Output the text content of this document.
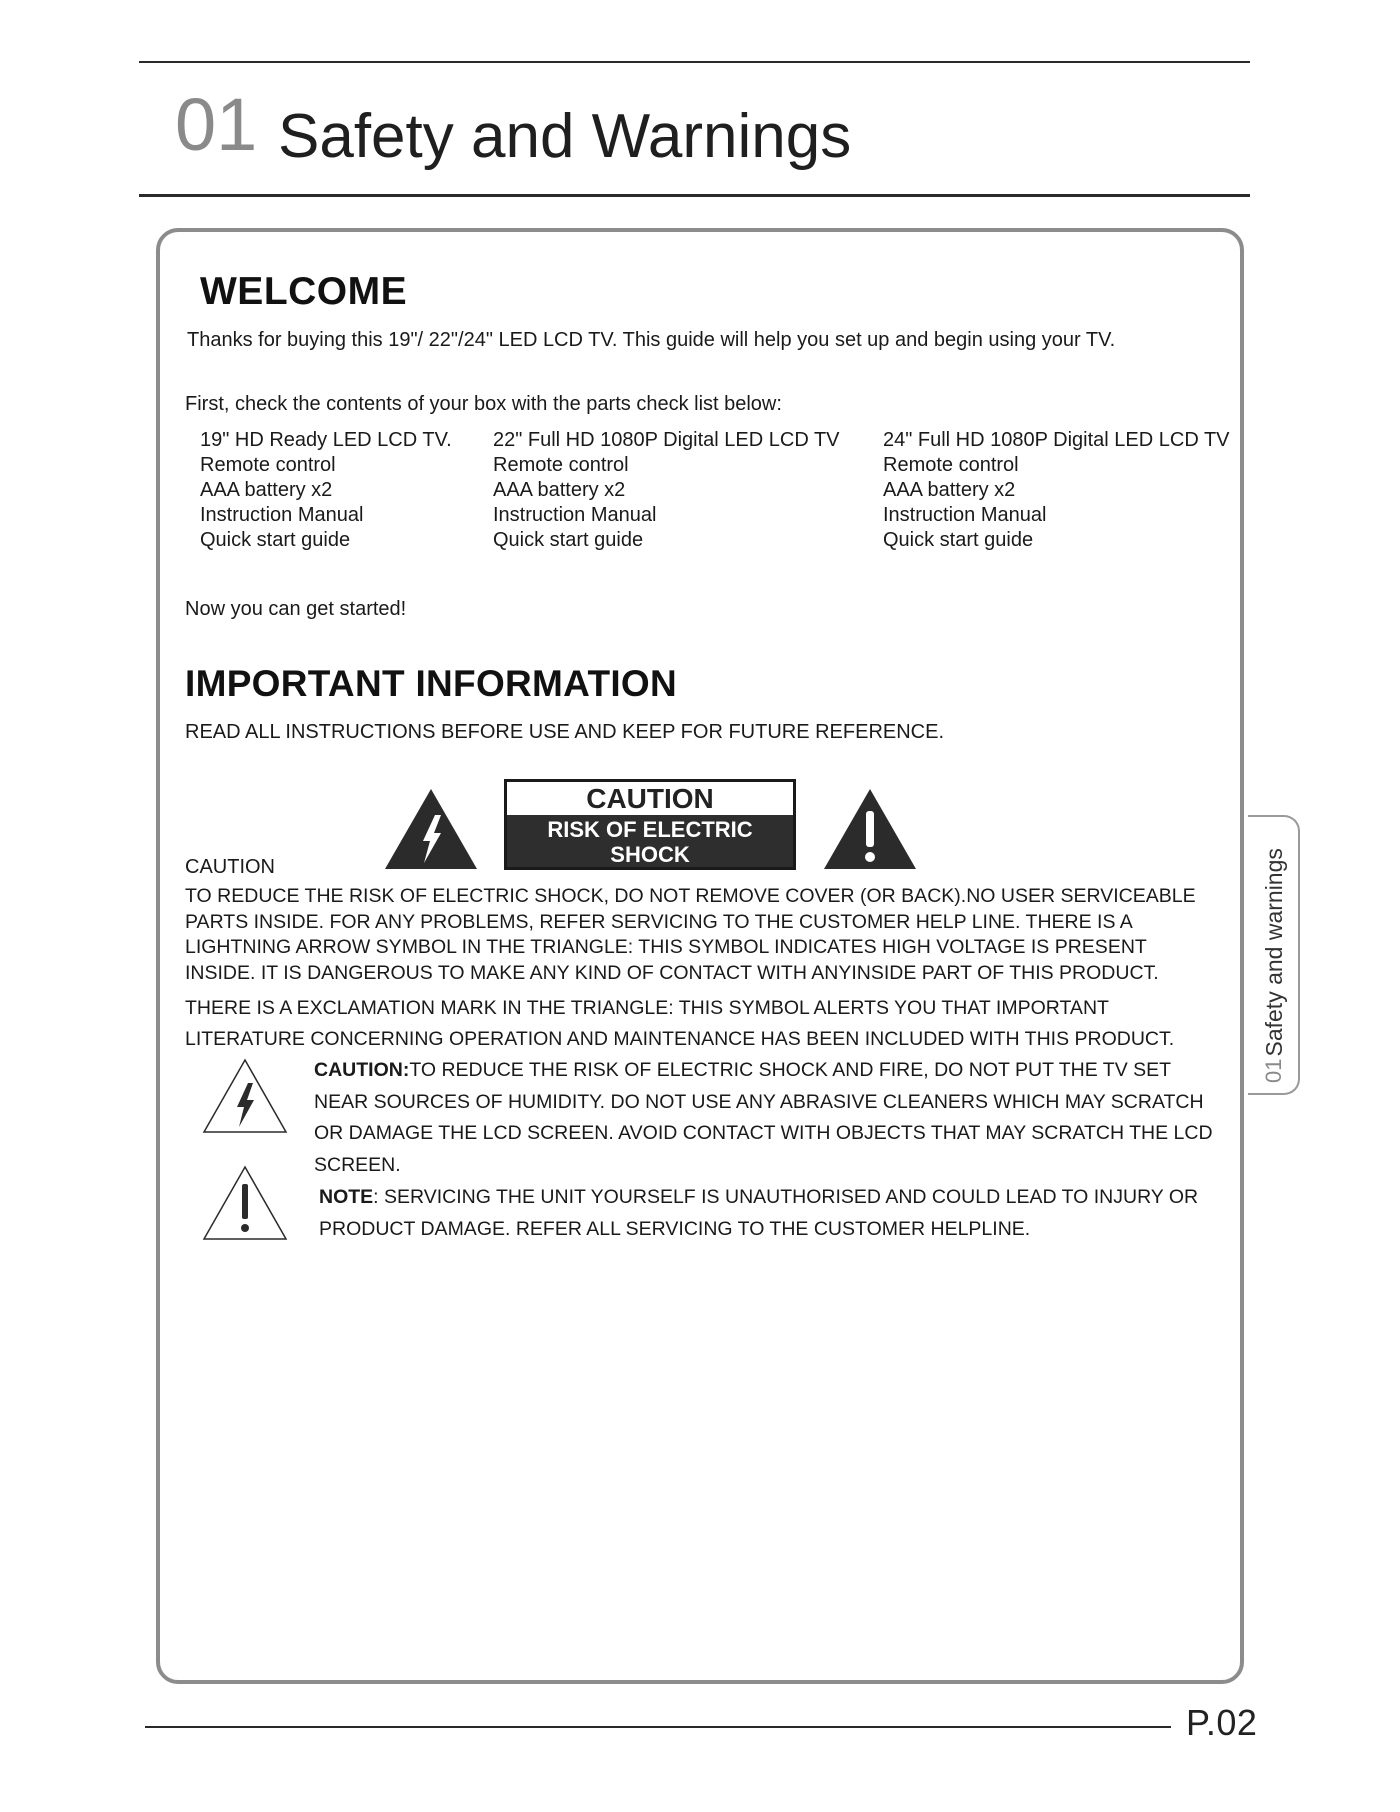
01 Safety and Warnings
01
Safety and warnings
WELCOME
Thanks for buying this 19"/ 22"/24" LED LCD TV. This guide will help you set up and begin using your TV.
First, check the contents of your box with the parts check list below:
19" HD Ready LED LCD TV.
Remote control
AAA battery x2
Instruction Manual
Quick start guide
22" Full HD 1080P Digital LED LCD TV
Remote control
AAA battery x2
Instruction Manual
Quick start guide
24" Full HD 1080P Digital LED LCD TV
Remote control
AAA battery x2
Instruction Manual
Quick start guide
Now you can get started!
IMPORTANT INFORMATION
READ ALL INSTRUCTIONS BEFORE USE AND KEEP FOR FUTURE REFERENCE.
CAUTION
RISK OF ELECTRIC SHOCK
DO NOT OPEN
CAUTION
TO REDUCE THE RISK OF ELECTRIC SHOCK, DO NOT REMOVE COVER (OR BACK).NO USER SERVICEABLE PARTS INSIDE. FOR ANY PROBLEMS, REFER SERVICING TO THE CUSTOMER HELP LINE. THERE IS A LIGHTNING ARROW SYMBOL IN THE TRIANGLE: THIS SYMBOL INDICATES HIGH VOLTAGE IS PRESENT INSIDE. IT IS DANGEROUS TO MAKE ANY KIND OF CONTACT WITH ANYINSIDE PART OF THIS PRODUCT.
THERE IS A EXCLAMATION MARK IN THE TRIANGLE: THIS SYMBOL ALERTS YOU THAT IMPORTANT LITERATURE CONCERNING OPERATION AND MAINTENANCE HAS BEEN INCLUDED WITH THIS PRODUCT.
CAUTION:TO REDUCE THE RISK OF ELECTRIC SHOCK AND FIRE, DO NOT PUT THE TV SET NEAR SOURCES OF HUMIDITY. DO NOT USE ANY ABRASIVE CLEANERS WHICH MAY SCRATCH OR DAMAGE THE LCD SCREEN. AVOID CONTACT WITH OBJECTS THAT MAY SCRATCH THE LCD SCREEN.
NOTE: SERVICING THE UNIT YOURSELF IS UNAUTHORISED AND COULD LEAD TO INJURY OR PRODUCT DAMAGE. REFER ALL SERVICING TO THE CUSTOMER HELPLINE.
P.02
